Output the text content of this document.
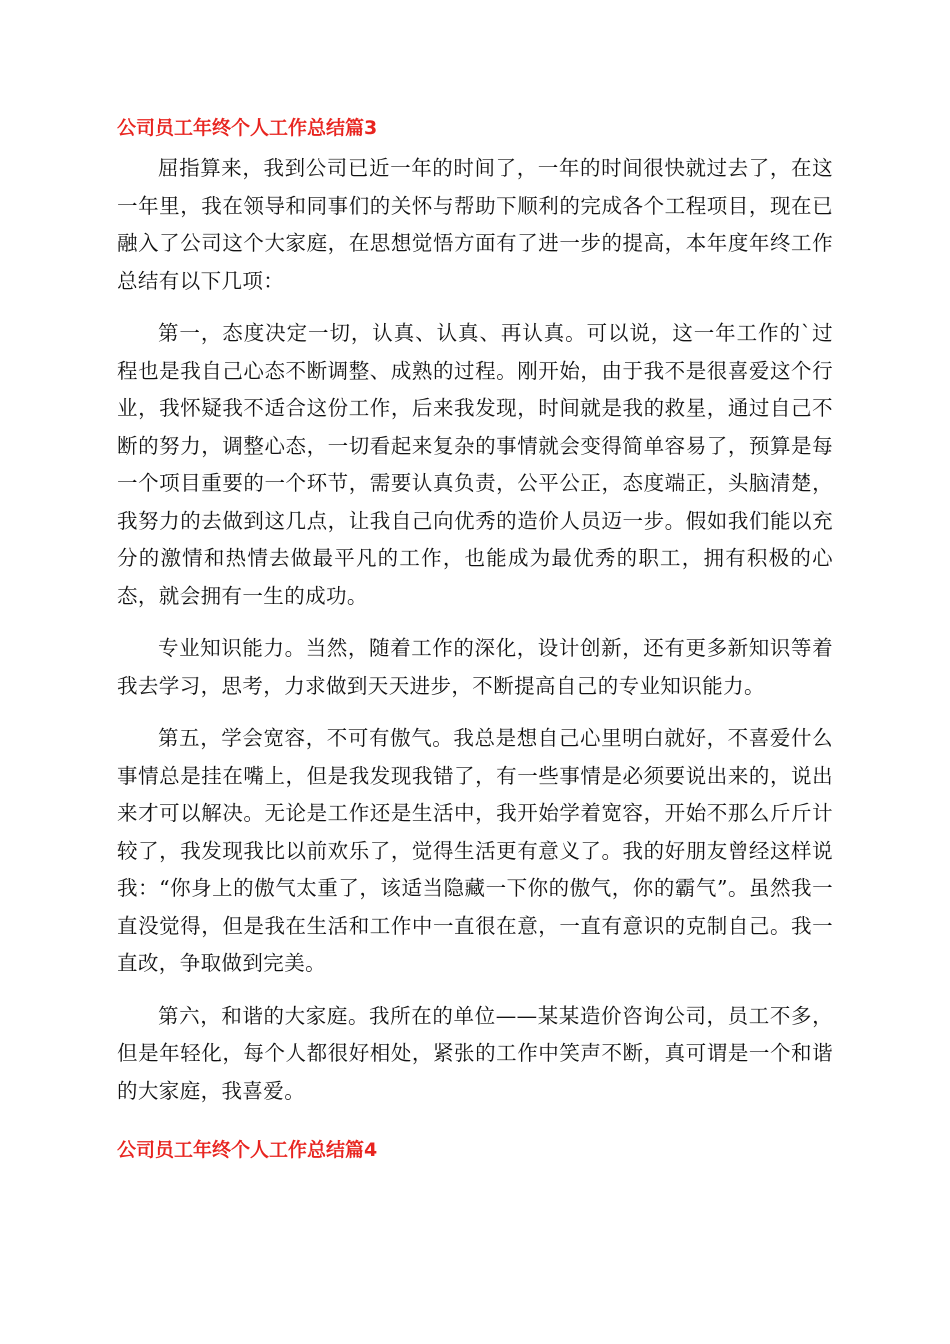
公司员工年终个人工作总结篇3

屈指算来，我到公司已近一年的时间了，一年的时间很快就过去了，在这一年里，我在领导和同事们的关怀与帮助下顺利的完成各个工程项目，现在已融入了公司这个大家庭，在思想觉悟方面有了进一步的提高，本年度年终工作总结有以下几项：

第一，态度决定一切，认真、认真、再认真。可以说，这一年工作的`过程也是我自己心态不断调整、成熟的过程。刚开始，由于我不是很喜爱这个行业，我怀疑我不适合这份工作，后来我发现，时间就是我的救星，通过自己不断的努力，调整心态，一切看起来复杂的事情就会变得简单容易了，预算是每一个项目重要的一个环节，需要认真负责，公平公正，态度端正，头脑清楚，我努力的去做到这几点，让我自己向优秀的造价人员迈一步。假如我们能以充分的激情和热情去做最平凡的工作，也能成为最优秀的职工，拥有积极的心态，就会拥有一生的成功。

专业知识能力。当然，随着工作的深化，设计创新，还有更多新知识等着我去学习，思考，力求做到天天进步，不断提高自己的专业知识能力。

第五，学会宽容，不可有傲气。我总是想自己心里明白就好，不喜爱什么事情总是挂在嘴上，但是我发现我错了，有一些事情是必须要说出来的，说出来才可以解决。无论是工作还是生活中，我开始学着宽容，开始不那么斤斤计较了，我发现我比以前欢乐了，觉得生活更有意义了。我的好朋友曾经这样说我：“你身上的傲气太重了，该适当隐藏一下你的傲气，你的霸气”。虽然我一直没觉得，但是我在生活和工作中一直很在意，一直有意识的克制自己。我一直改，争取做到完美。

第六，和谐的大家庭。我所在的单位——某某造价咨询公司，员工不多，但是年轻化，每个人都很好相处，紧张的工作中笑声不断，真可谓是一个和谐的大家庭，我喜爱。

公司员工年终个人工作总结篇4
